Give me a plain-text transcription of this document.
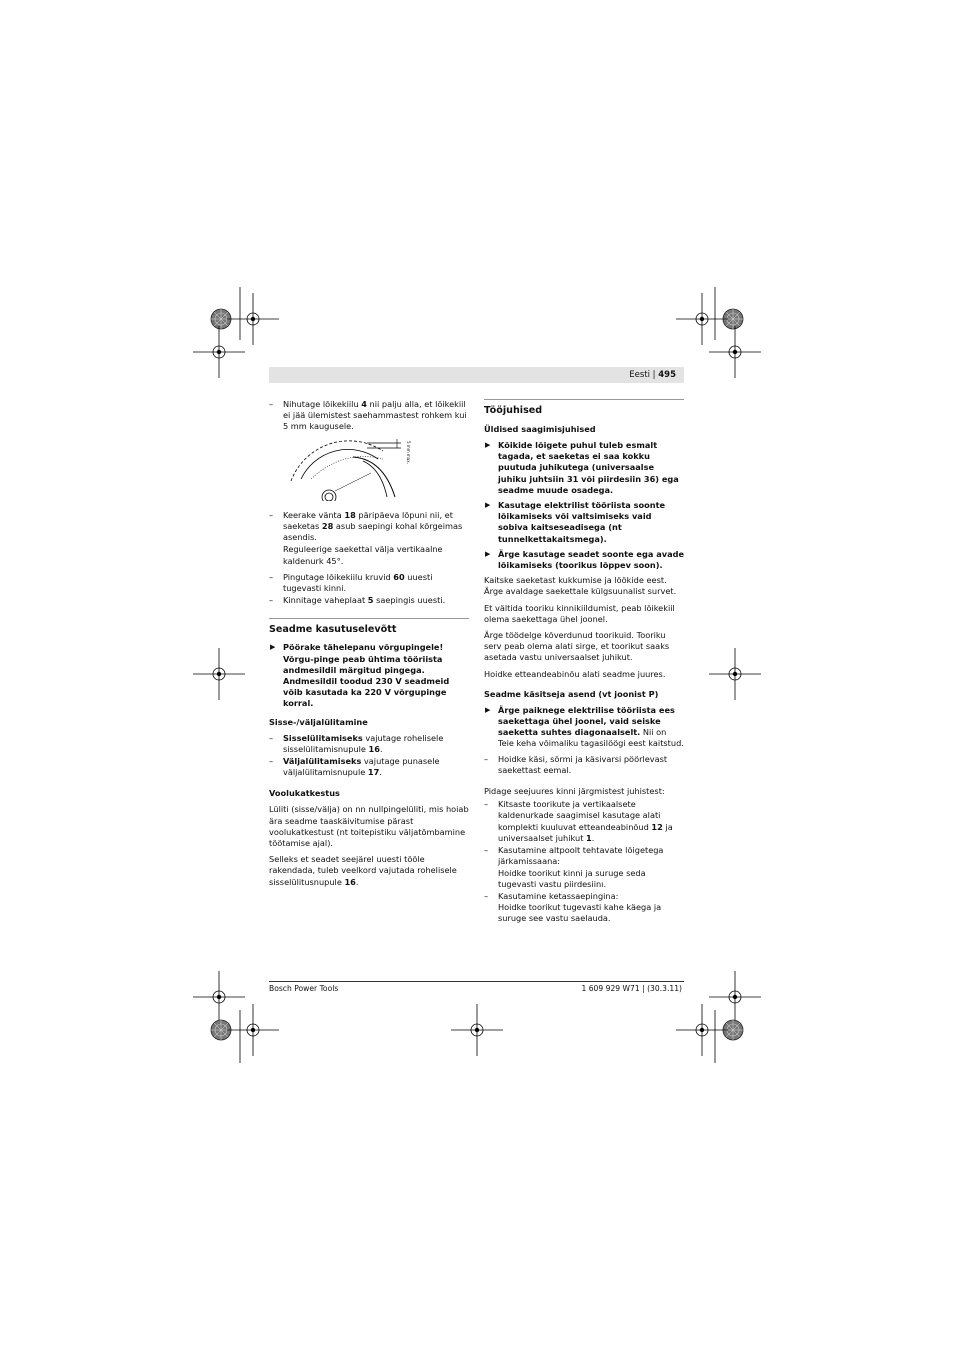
Eesti | 495
– Nihutage lõikekiilu 4 nii palju alla, et lõikekiil ei jää ülemistest saehammastest rohkem kui 5 mm kaugusele.
5 mm max.
– Keerake vänta 18 päripäeva lõpuni nii, et saeketas 28 asub saepingi kohal kõrgeimas asendis.

Reguleerige saekettal välja vertikaalne kaldenurk 45°.

– Pingutage lõikekiilu kruvid 60 uuesti tugevasti kinni.
– Kinnitage vaheplaat 5 saepingis uuesti.
Seadme kasutuselevõtt
▶ Pöörake tähelepanu võrgupingele! Võrgu-pinge peab ühtima tööriista andmesildil märgitud pingega. Andmesildil toodud 230 V seadmeid võib kasutada ka 220 V võrgupinge korral.
Sisse-/väljalülitamine
– Sisselülitamiseks vajutage rohelisele sisselülitamisnupule 16.
– Väljalülitamiseks vajutage punasele väljalülitamisnupule 17.
Voolukatkestus

Lüliti (sisse/välja) on nn nullpingelüliti, mis hoiab ära seadme taaskäivitumise pärast voolukatkestust (nt toitepistiku väljatõmbamine töötamise ajal).

Selleks et seadet seejärel uuesti tööle rakendada, tuleb veelkord vajutada rohelisele sisselülitusnupule 16.

Tööjuhised
Üldised saagimisjuhised
▶ Kõikide lõigete puhul tuleb esmalt tagada, et saeketas ei saa kokku puutuda juhikutega (universaalse juhiku juhtsiin 31 või piirdesiin 36) ega seadme muude osadega.
▶ Kasutage elektrilist tööriista soonte lõikamiseks või valtsimiseks vaid sobiva kaitseseadisega (nt tunnelkettakaitsmega).
▶ Ärge kasutage seadet soonte ega avade lõikamiseks (toorikus lõppev soon).

Kaitske saeketast kukkumise ja löökide eest. Ärge avaldage saekettale külgsuunalist survet.

Et vältida tooriku kinnikiildumist, peab lõikekiil olema saekettaga ühel joonel.

Ärge töödelge kõverdunud toorikuid. Tooriku serv peab olema alati sirge, et toorikut saaks asetada vastu universaalset juhikut.

Hoidke etteandeabinõu alati seadme juures.

Seadme käsitseja asend (vt joonist P)
▶ Ärge paiknege elektrilise tööriista ees saekettaga ühel joonel, vaid seiske saeketta suhtes diagonaalselt. Nii on Teie keha võimaliku tagasilöögi eest kaitstud.
– Hoidke käsi, sõrmi ja käsivarsi pöörlevast saekettast eemal.

Pidage seejuures kinni järgmistest juhistest:

– Kitsaste toorikute ja vertikaalsete kaldenurkade saagimisel kasutage alati komplekti kuuluvat etteandeabinõud 12 ja universaalset juhikut 1.
– Kasutamine altpoolt tehtavate lõigetega järkamissaana:
Hoidke toorikut kinni ja suruge seda tugevasti vastu piirdesiinı.
– Kasutamine ketassaepingina:
Hoidke toorikut tugevasti kahe käega ja suruge see vastu saelauda.
Bosch Power Tools	1 609 929 W71 | (30.3.11)
